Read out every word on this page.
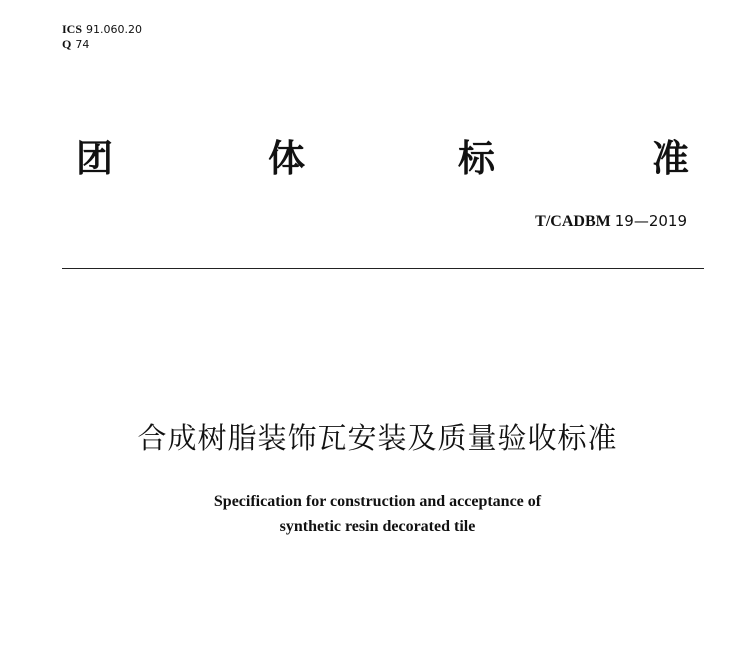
ICS 91.060.20
Q 74
团	体	标	准
T/CADBM 19—2019
合成树脂装饰瓦安装及质量验收标准
Specification for construction and acceptance of
synthetic resin decorated tile
